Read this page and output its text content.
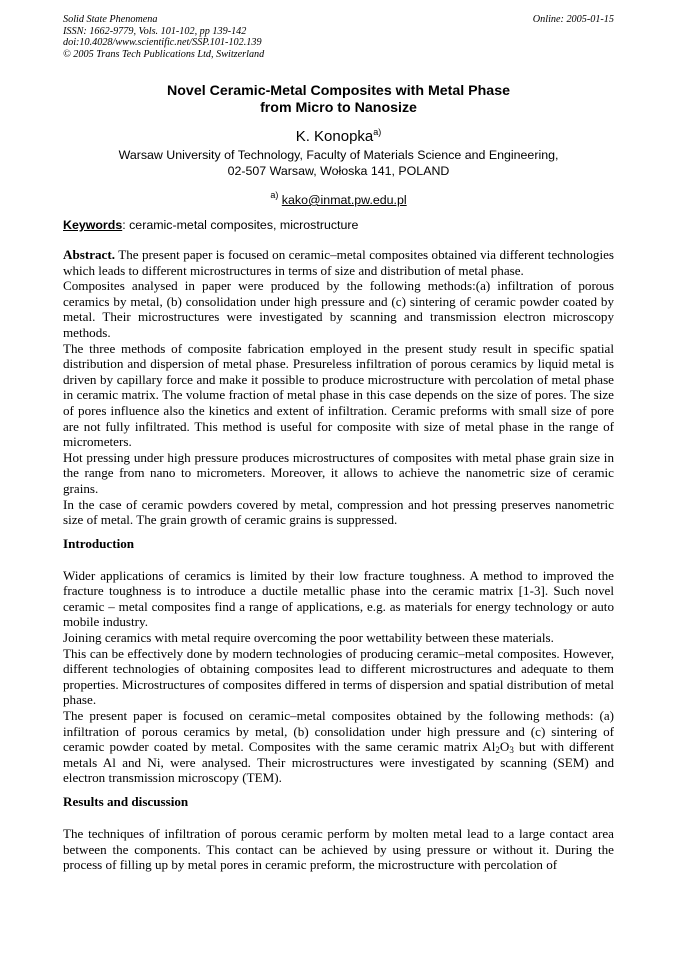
Solid State Phenomena
ISSN: 1662-9779, Vols. 101-102, pp 139-142
doi:10.4028/www.scientific.net/SSP.101-102.139
© 2005 Trans Tech Publications Ltd, Switzerland
Online: 2005-01-15
Novel Ceramic-Metal Composites with Metal Phase
from Micro to Nanosize
K. Konopka$^{a)}$
Warsaw University of Technology, Faculty of Materials Science and Engineering,
02-507 Warsaw, Wołoska 141, POLAND
$^{a)}$ kako@inmat.pw.edu.pl
Keywords: ceramic-metal composites, microstructure

Abstract. The present paper is focused on ceramic–metal composites obtained via different technologies which leads to different microstructures in terms of size and distribution of metal phase.

Composites analysed in paper were produced by the following methods:(a) infiltration of porous ceramics by metal, (b) consolidation under high pressure and (c) sintering of ceramic powder coated by metal. Their microstructures were investigated by scanning and transmission electron microscopy methods.

The three methods of composite fabrication employed in the present study result in specific spatial distribution and dispersion of metal phase. Presureless infiltration of porous ceramics by liquid metal is driven by capillary force and make it possible to produce microstructure with percolation of metal phase in ceramic matrix. The volume fraction of metal phase in this case depends on the size of pores. The size of pores influence also the kinetics and extent of infiltration. Ceramic preforms with small size of pore are not fully infiltrated. This method is useful for composite with size of metal phase in the range of micrometers.

Hot pressing under high pressure produces microstructures of composites with metal phase grain size in the range from nano to micrometers. Moreover, it allows to achieve the nanometric size of ceramic grains.

In the case of ceramic powders covered by metal, compression and hot pressing preserves nanometric size of metal. The grain growth of ceramic grains is suppressed.

Introduction

Wider applications of ceramics is limited by their low fracture toughness. A method to improved the fracture toughness is to introduce a ductile metallic phase into the ceramic matrix [1-3]. Such novel ceramic – metal composites find a range of applications, e.g. as materials for energy technology or auto mobile industry.

Joining ceramics with metal require overcoming the poor wettability between these materials.

This can be effectively done by modern technologies of producing ceramic–metal composites. However, different technologies of obtaining composites lead to different microstructures and adequate to them properties. Microstructures of composites differed in terms of dispersion and spatial distribution of metal phase.

The present paper is focused on ceramic–metal composites obtained by the following methods: (a) infiltration of porous ceramics by metal, (b) consolidation under high pressure and (c) sintering of ceramic powder coated by metal. Composites with the same ceramic matrix $Al_2O_3$ but with different metals Al and Ni, were analysed. Their microstructures were investigated by scanning (SEM) and electron transmission microscopy (TEM).

Results and discussion

The techniques of infiltration of porous ceramic perform by molten metal lead to a large contact area between the components. This contact can be achieved by using pressure or without it. During the process of filling up by metal pores in ceramic preform, the microstructure with percolation of
